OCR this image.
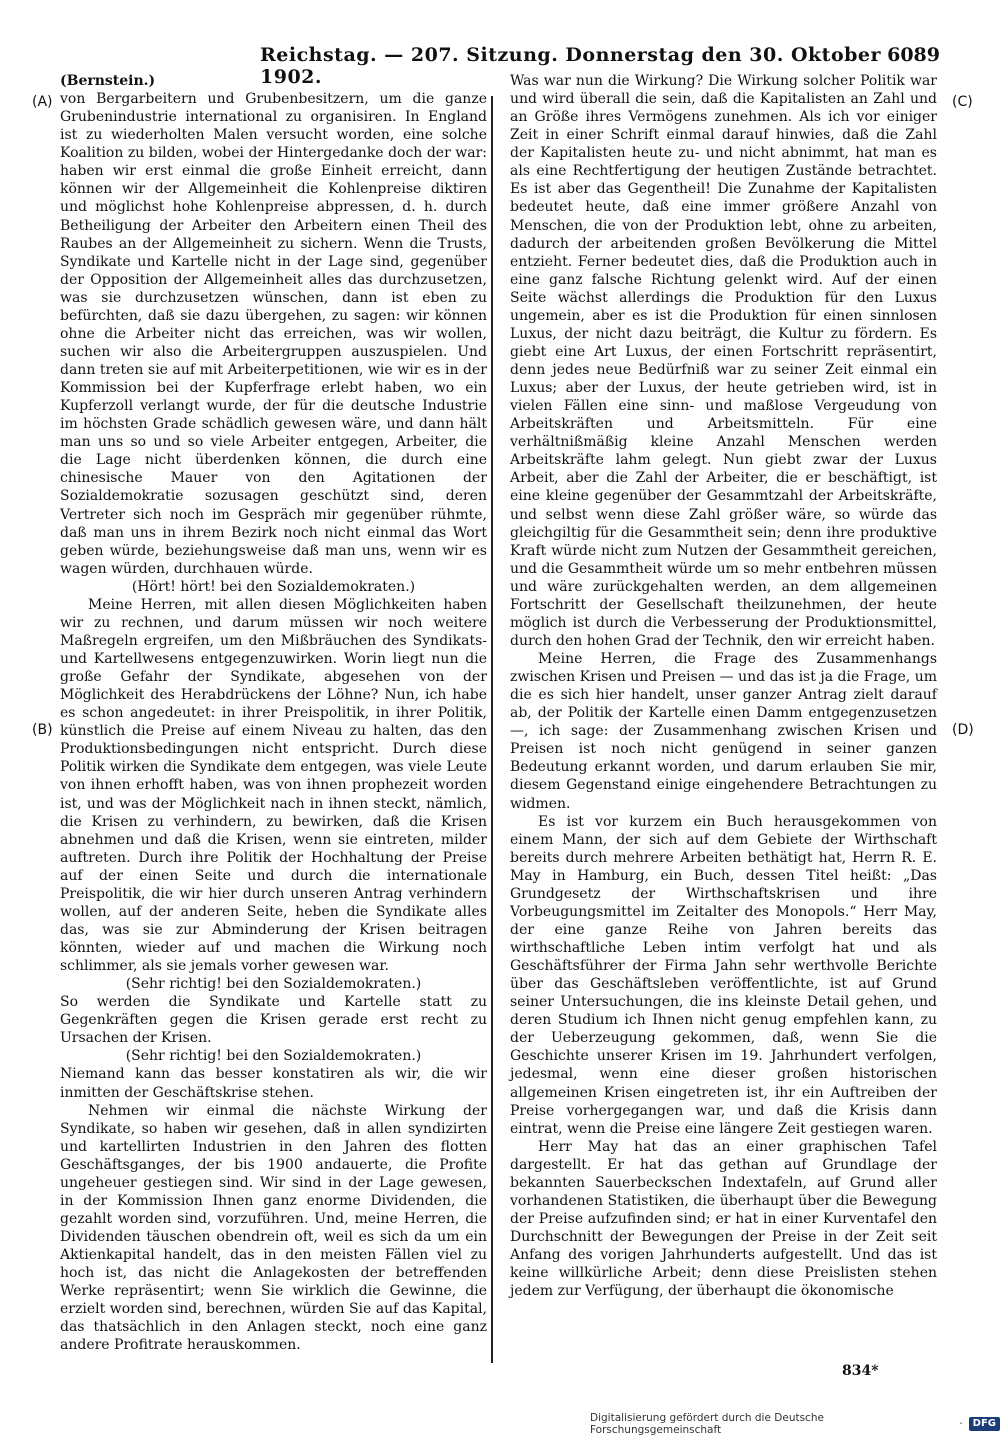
Reichstag. — 207. Sitzung. Donnerstag den 30. Oktober 1902.
6089
(A)
(B)
(C)
(D)

(Bernstein.)

von Bergarbeitern und Grubenbesitzern, um die ganze Grubenindustrie international zu organisiren. In England ist zu wiederholten Malen versucht worden, eine solche Koalition zu bilden, wobei der Hintergedanke doch der war: haben wir erst einmal die große Einheit erreicht, dann können wir der Allgemeinheit die Kohlenpreise diktiren und möglichst hohe Kohlenpreise abpressen, d. h. durch Betheiligung der Arbeiter den Arbeitern einen Theil des Raubes an der Allgemeinheit zu sichern. Wenn die Trusts, Syndikate und Kartelle nicht in der Lage sind, gegenüber der Opposition der Allgemeinheit alles das durchzusetzen, was sie durchzusetzen wünschen, dann ist eben zu befürchten, daß sie dazu übergehen, zu sagen: wir können ohne die Arbeiter nicht das erreichen, was wir wollen, suchen wir also die Arbeitergruppen auszuspielen. Und dann treten sie auf mit Arbeiterpetitionen, wie wir es in der Kommission bei der Kupferfrage erlebt haben, wo ein Kupferzoll verlangt wurde, der für die deutsche Industrie im höchsten Grade schädlich gewesen wäre, und dann hält man uns so und so viele Arbeiter entgegen, Arbeiter, die die Lage nicht überdenken können, die durch eine chinesische Mauer von den Agitationen der Sozialdemokratie sozusagen geschützt sind, deren Vertreter sich noch im Gespräch mir gegenüber rühmte, daß man uns in ihrem Bezirk noch nicht einmal das Wort geben würde, beziehungsweise daß man uns, wenn wir es wagen würden, durchhauen würde.

(Hört! hört! bei den Sozialdemokraten.)

Meine Herren, mit allen diesen Möglichkeiten haben wir zu rechnen, und darum müssen wir noch weitere Maßregeln ergreifen, um den Mißbräuchen des Syndikats- und Kartellwesens entgegenzuwirken. Worin liegt nun die große Gefahr der Syndikate, abgesehen von der Möglichkeit des Herabdrückens der Löhne? Nun, ich habe es schon angedeutet: in ihrer Preispolitik, in ihrer Politik, künstlich die Preise auf einem Niveau zu halten, das den Produktionsbedingungen nicht entspricht. Durch diese Politik wirken die Syndikate dem entgegen, was viele Leute von ihnen erhofft haben, was von ihnen prophezeit worden ist, und was der Möglichkeit nach in ihnen steckt, nämlich, die Krisen zu verhindern, zu bewirken, daß die Krisen abnehmen und daß die Krisen, wenn sie eintreten, milder auftreten. Durch ihre Politik der Hochhaltung der Preise auf der einen Seite und durch die internationale Preispolitik, die wir hier durch unseren Antrag verhindern wollen, auf der anderen Seite, heben die Syndikate alles das, was sie zur Abminderung der Krisen beitragen könnten, wieder auf und machen die Wirkung noch schlimmer, als sie jemals vorher gewesen war.

(Sehr richtig! bei den Sozialdemokraten.)

So werden die Syndikate und Kartelle statt zu Gegenkräften gegen die Krisen gerade erst recht zu Ursachen der Krisen.

(Sehr richtig! bei den Sozialdemokraten.)

Niemand kann das besser konstatiren als wir, die wir inmitten der Geschäftskrise stehen.

Nehmen wir einmal die nächste Wirkung der Syndikate, so haben wir gesehen, daß in allen syndizirten und kartellirten Industrien in den Jahren des flotten Geschäftsganges, der bis 1900 andauerte, die Profite ungeheuer gestiegen sind. Wir sind in der Lage gewesen, in der Kommission Ihnen ganz enorme Dividenden, die gezahlt worden sind, vorzuführen. Und, meine Herren, die Dividenden täuschen obendrein oft, weil es sich da um ein Aktienkapital handelt, das in den meisten Fällen viel zu hoch ist, das nicht die Anlagekosten der betreffenden Werke repräsentirt; wenn Sie wirklich die Gewinne, die erzielt worden sind, berechnen, würden Sie auf das Kapital, das thatsächlich in den Anlagen steckt, noch eine ganz andere Profitrate herauskommen.

Was war nun die Wirkung? Die Wirkung solcher Politik war und wird überall die sein, daß die Kapitalisten an Zahl und an Größe ihres Vermögens zunehmen. Als ich vor einiger Zeit in einer Schrift einmal darauf hinwies, daß die Zahl der Kapitalisten heute zu- und nicht abnimmt, hat man es als eine Rechtfertigung der heutigen Zustände betrachtet. Es ist aber das Gegentheil! Die Zunahme der Kapitalisten bedeutet heute, daß eine immer größere Anzahl von Menschen, die von der Produktion lebt, ohne zu arbeiten, dadurch der arbeitenden großen Bevölkerung die Mittel entzieht. Ferner bedeutet dies, daß die Produktion auch in eine ganz falsche Richtung gelenkt wird. Auf der einen Seite wächst allerdings die Produktion für den Luxus ungemein, aber es ist die Produktion für einen sinnlosen Luxus, der nicht dazu beiträgt, die Kultur zu fördern. Es giebt eine Art Luxus, der einen Fortschritt repräsentirt, denn jedes neue Bedürfniß war zu seiner Zeit einmal ein Luxus; aber der Luxus, der heute getrieben wird, ist in vielen Fällen eine sinn- und maßlose Vergeudung von Arbeitskräften und Arbeitsmitteln. Für eine verhältnißmäßig kleine Anzahl Menschen werden Arbeitskräfte lahm gelegt. Nun giebt zwar der Luxus Arbeit, aber die Zahl der Arbeiter, die er beschäftigt, ist eine kleine gegenüber der Gesammtzahl der Arbeitskräfte, und selbst wenn diese Zahl größer wäre, so würde das gleichgiltig für die Gesammtheit sein; denn ihre produktive Kraft würde nicht zum Nutzen der Gesammtheit gereichen, und die Gesammtheit würde um so mehr entbehren müssen und wäre zurückgehalten werden, an dem allgemeinen Fortschritt der Gesellschaft theilzunehmen, der heute möglich ist durch die Verbesserung der Produktionsmittel, durch den hohen Grad der Technik, den wir erreicht haben.

Meine Herren, die Frage des Zusammenhangs zwischen Krisen und Preisen — und das ist ja die Frage, um die es sich hier handelt, unser ganzer Antrag zielt darauf ab, der Politik der Kartelle einen Damm entgegenzusetzen —, ich sage: der Zusammenhang zwischen Krisen und Preisen ist noch nicht genügend in seiner ganzen Bedeutung erkannt worden, und darum erlauben Sie mir, diesem Gegenstand einige eingehendere Betrachtungen zu widmen.

Es ist vor kurzem ein Buch herausgekommen von einem Mann, der sich auf dem Gebiete der Wirthschaft bereits durch mehrere Arbeiten bethätigt hat, Herrn R. E. May in Hamburg, ein Buch, dessen Titel heißt: „Das Grundgesetz der Wirthschaftskrisen und ihre Vorbeugungsmittel im Zeitalter des Monopols.“ Herr May, der eine ganze Reihe von Jahren bereits das wirthschaftliche Leben intim verfolgt hat und als Geschäftsführer der Firma Jahn sehr werthvolle Berichte über das Geschäftsleben veröffentlichte, ist auf Grund seiner Untersuchungen, die ins kleinste Detail gehen, und deren Studium ich Ihnen nicht genug empfehlen kann, zu der Ueberzeugung gekommen, daß, wenn Sie die Geschichte unserer Krisen im 19. Jahrhundert verfolgen, jedesmal, wenn eine dieser großen historischen allgemeinen Krisen eingetreten ist, ihr ein Auftreiben der Preise vorhergegangen war, und daß die Krisis dann eintrat, wenn die Preise eine längere Zeit gestiegen waren.

Herr May hat das an einer graphischen Tafel dargestellt. Er hat das gethan auf Grundlage der bekannten Sauerbeckschen Indextafeln, auf Grund aller vorhandenen Statistiken, die überhaupt über die Bewegung der Preise aufzufinden sind; er hat in einer Kurventafel den Durchschnitt der Bewegungen der Preise in der Zeit seit Anfang des vorigen Jahrhunderts aufgestellt. Und das ist keine willkürliche Arbeit; denn diese Preislisten stehen jedem zur Verfügung, der überhaupt die ökonomische

834*
Digitalisierung gefördert durch die Deutsche Forschungsgemeinschaft	·	DFG
